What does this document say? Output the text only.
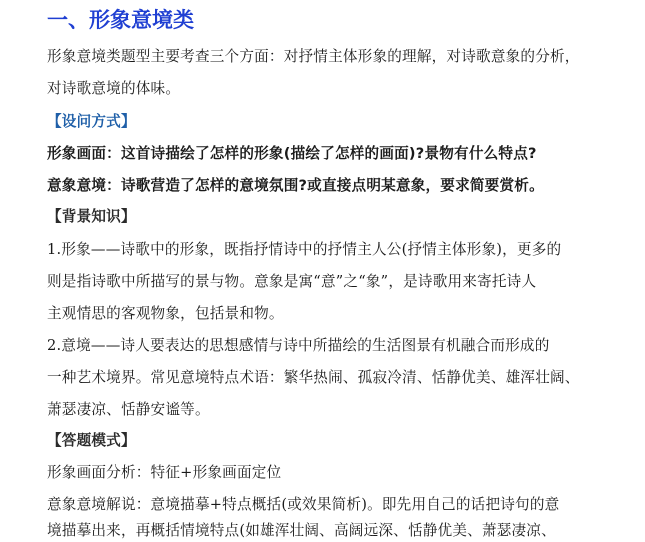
一、形象意境类
形象意境类题型主要考查三个方面：对抒情主体形象的理解，对诗歌意象的分析，
对诗歌意境的体味。
【设问方式】
形象画面：这首诗描绘了怎样的形象(描绘了怎样的画面)?景物有什么特点?
意象意境：诗歌营造了怎样的意境氛围?或直接点明某意象，要求简要赏析。
【背景知识】
1.形象——诗歌中的形象，既指抒情诗中的抒情主人公(抒情主体形象)，更多的
则是指诗歌中所描写的景与物。意象是寓“意”之“象”，是诗歌用来寄托诗人
主观情思的客观物象，包括景和物。
2.意境——诗人要表达的思想感情与诗中所描绘的生活图景有机融合而形成的
一种艺术境界。常见意境特点术语：繁华热闹、孤寂冷清、恬静优美、雄浑壮阔、
萧瑟凄凉、恬静安谧等。
【答题模式】
形象画面分析：特征+形象画面定位
意象意境解说：意境描摹+特点概括(或效果简析)。即先用自己的话把诗句的意
境描摹出来，再概括情境特点(如雄浑壮阔、高阔远深、恬静优美、萧瑟凄凉、
